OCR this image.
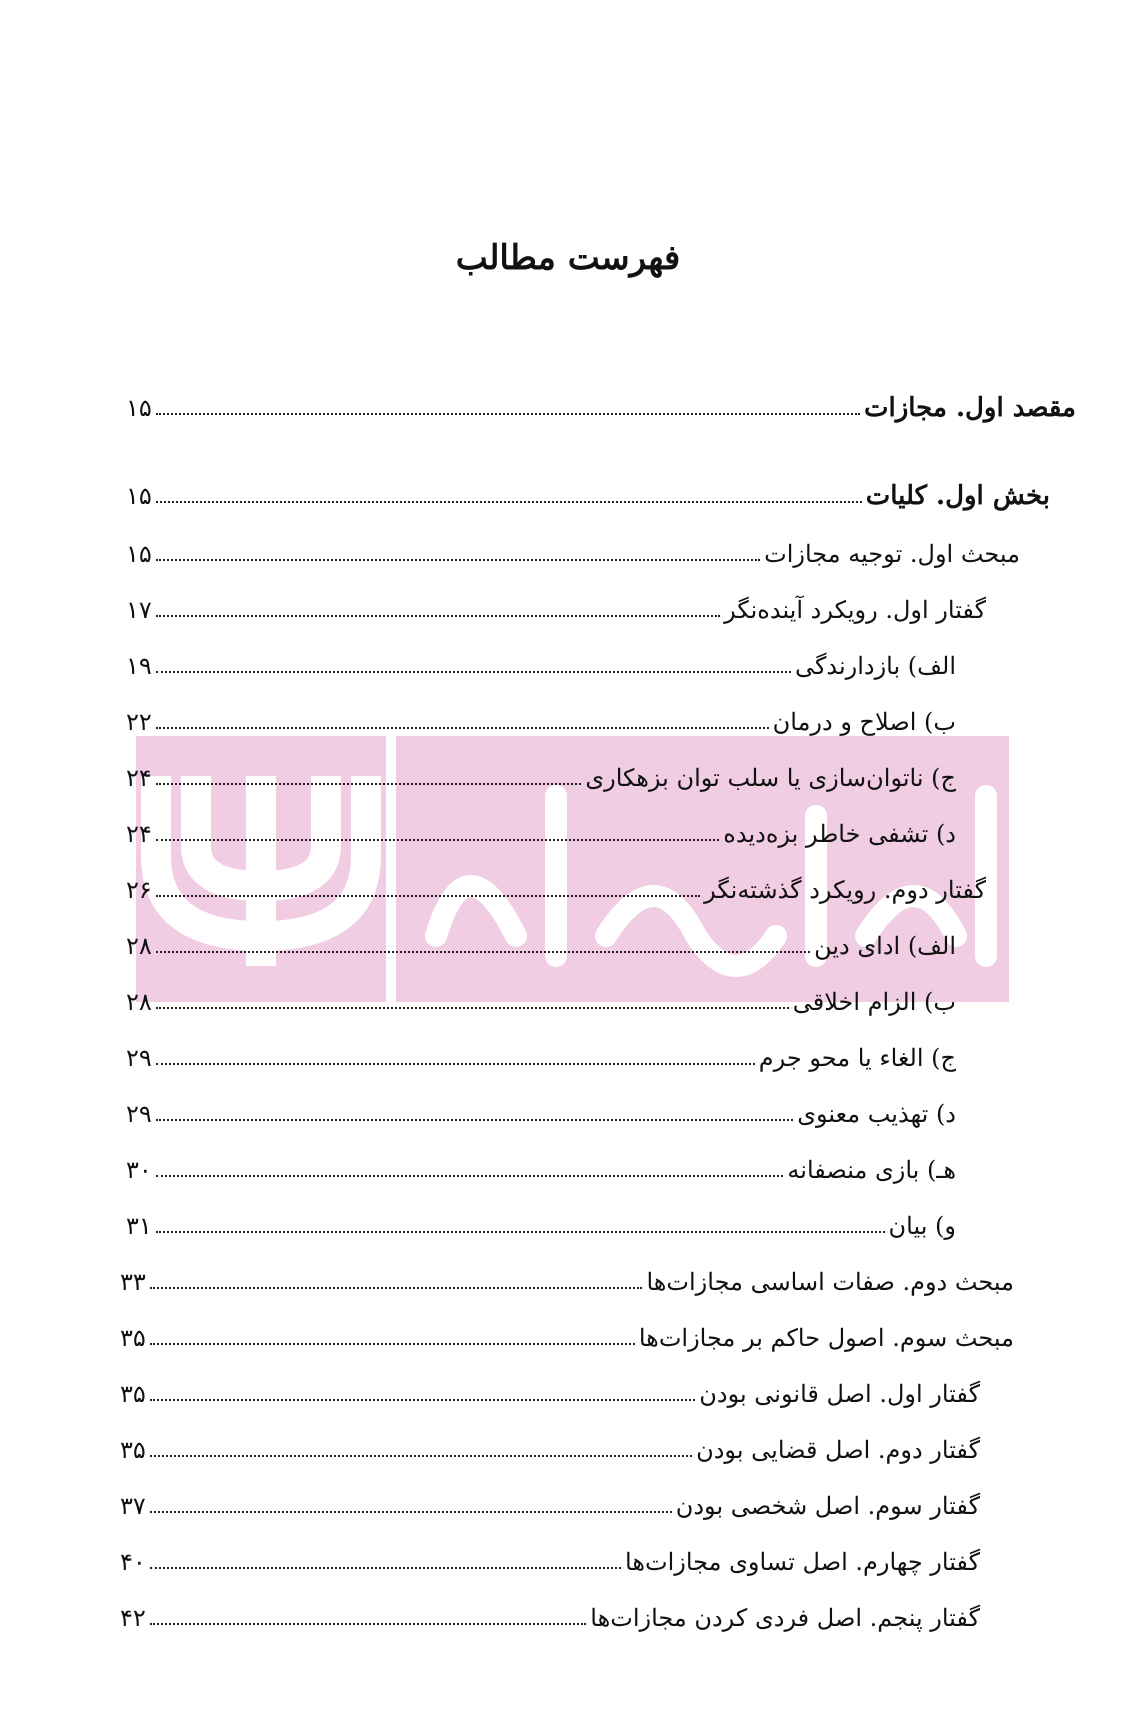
فهرست مطالب
مقصد اول. مجازات
۱۵
بخش اول. کلیات
۱۵
مبحث اول. توجیه مجازات
۱۵
گفتار اول. رویکرد آینده‌نگر
۱۷
الف) بازدارندگی
۱۹
ب) اصلاح و درمان
۲۲
ج) ناتوان‌سازی یا سلب توان بزهکاری
۲۴
د) تشفی خاطر بزه‌دیده
۲۴
گفتار دوم. رویکرد گذشته‌نگر
۲۶
الف) ادای دین
۲۸
ب) الزام اخلاقی
۲۸
ج) الغاء یا محو جرم
۲۹
د) تهذیب معنوی
۲۹
هـ) بازی منصفانه
۳۰
و) بیان
۳۱
مبحث دوم. صفات اساسی مجازات‌ها
۳۳
مبحث سوم. اصول حاکم بر مجازات‌ها
۳۵
گفتار اول. اصل قانونی بودن
۳۵
گفتار دوم. اصل قضایی بودن
۳۵
گفتار سوم. اصل شخصی بودن
۳۷
گفتار چهارم. اصل تساوی مجازات‌ها
۴۰
گفتار پنجم. اصل فردی کردن مجازات‌ها
۴۲
